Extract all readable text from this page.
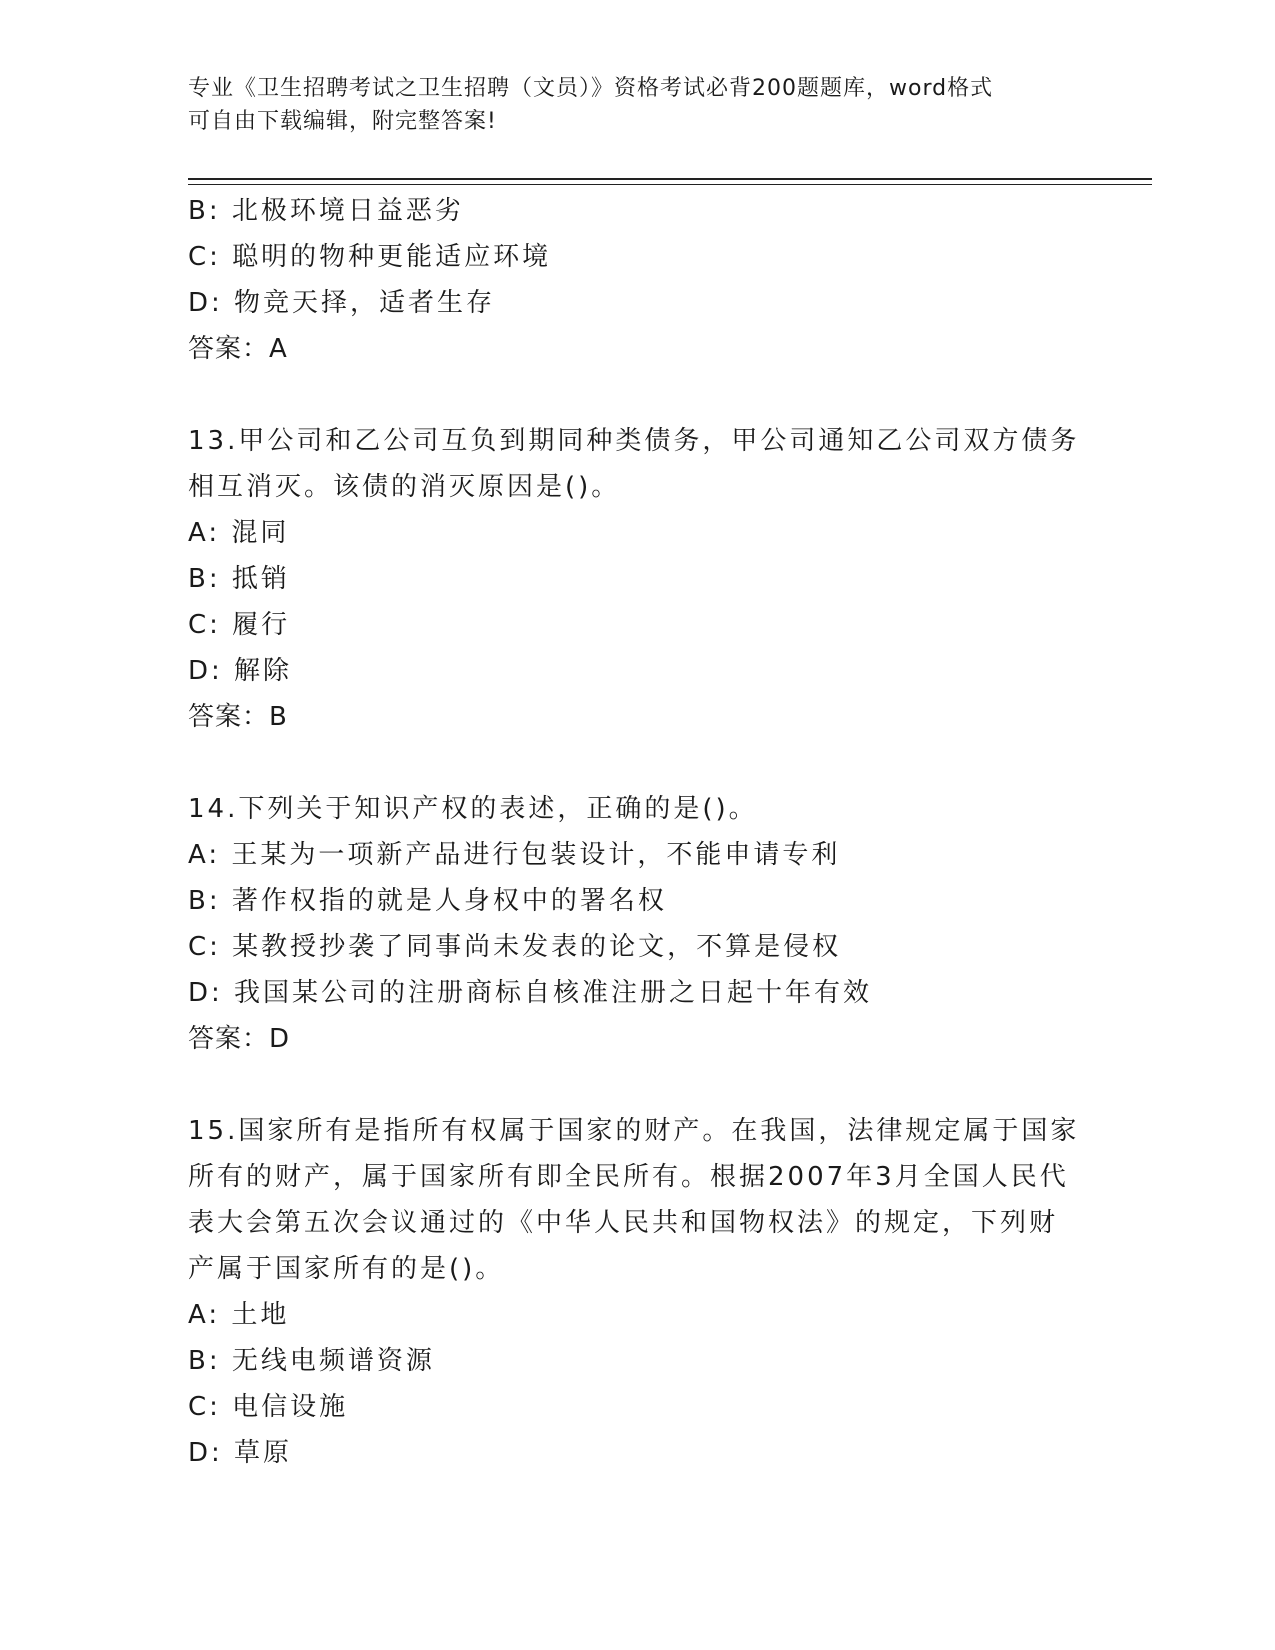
专业《卫生招聘考试之卫生招聘（文员）》资格考试必背200题题库，word格式
可自由下载编辑，附完整答案!

B: 北极环境日益恶劣

C: 聪明的物种更能适应环境

D: 物竞天择，适者生存

答案：A

13.甲公司和乙公司互负到期同种类债务，甲公司通知乙公司双方债务

相互消灭。该债的消灭原因是()。

A: 混同

B: 抵销

C: 履行

D: 解除

答案：B

14.下列关于知识产权的表述，正确的是()。

A: 王某为一项新产品进行包装设计，不能申请专利

B: 著作权指的就是人身权中的署名权

C: 某教授抄袭了同事尚未发表的论文，不算是侵权

D: 我国某公司的注册商标自核准注册之日起十年有效

答案：D

15.国家所有是指所有权属于国家的财产。在我国，法律规定属于国家

所有的财产，属于国家所有即全民所有。根据2007年3月全国人民代

表大会第五次会议通过的《中华人民共和国物权法》的规定，下列财

产属于国家所有的是()。

A: 土地

B: 无线电频谱资源

C: 电信设施

D: 草原
